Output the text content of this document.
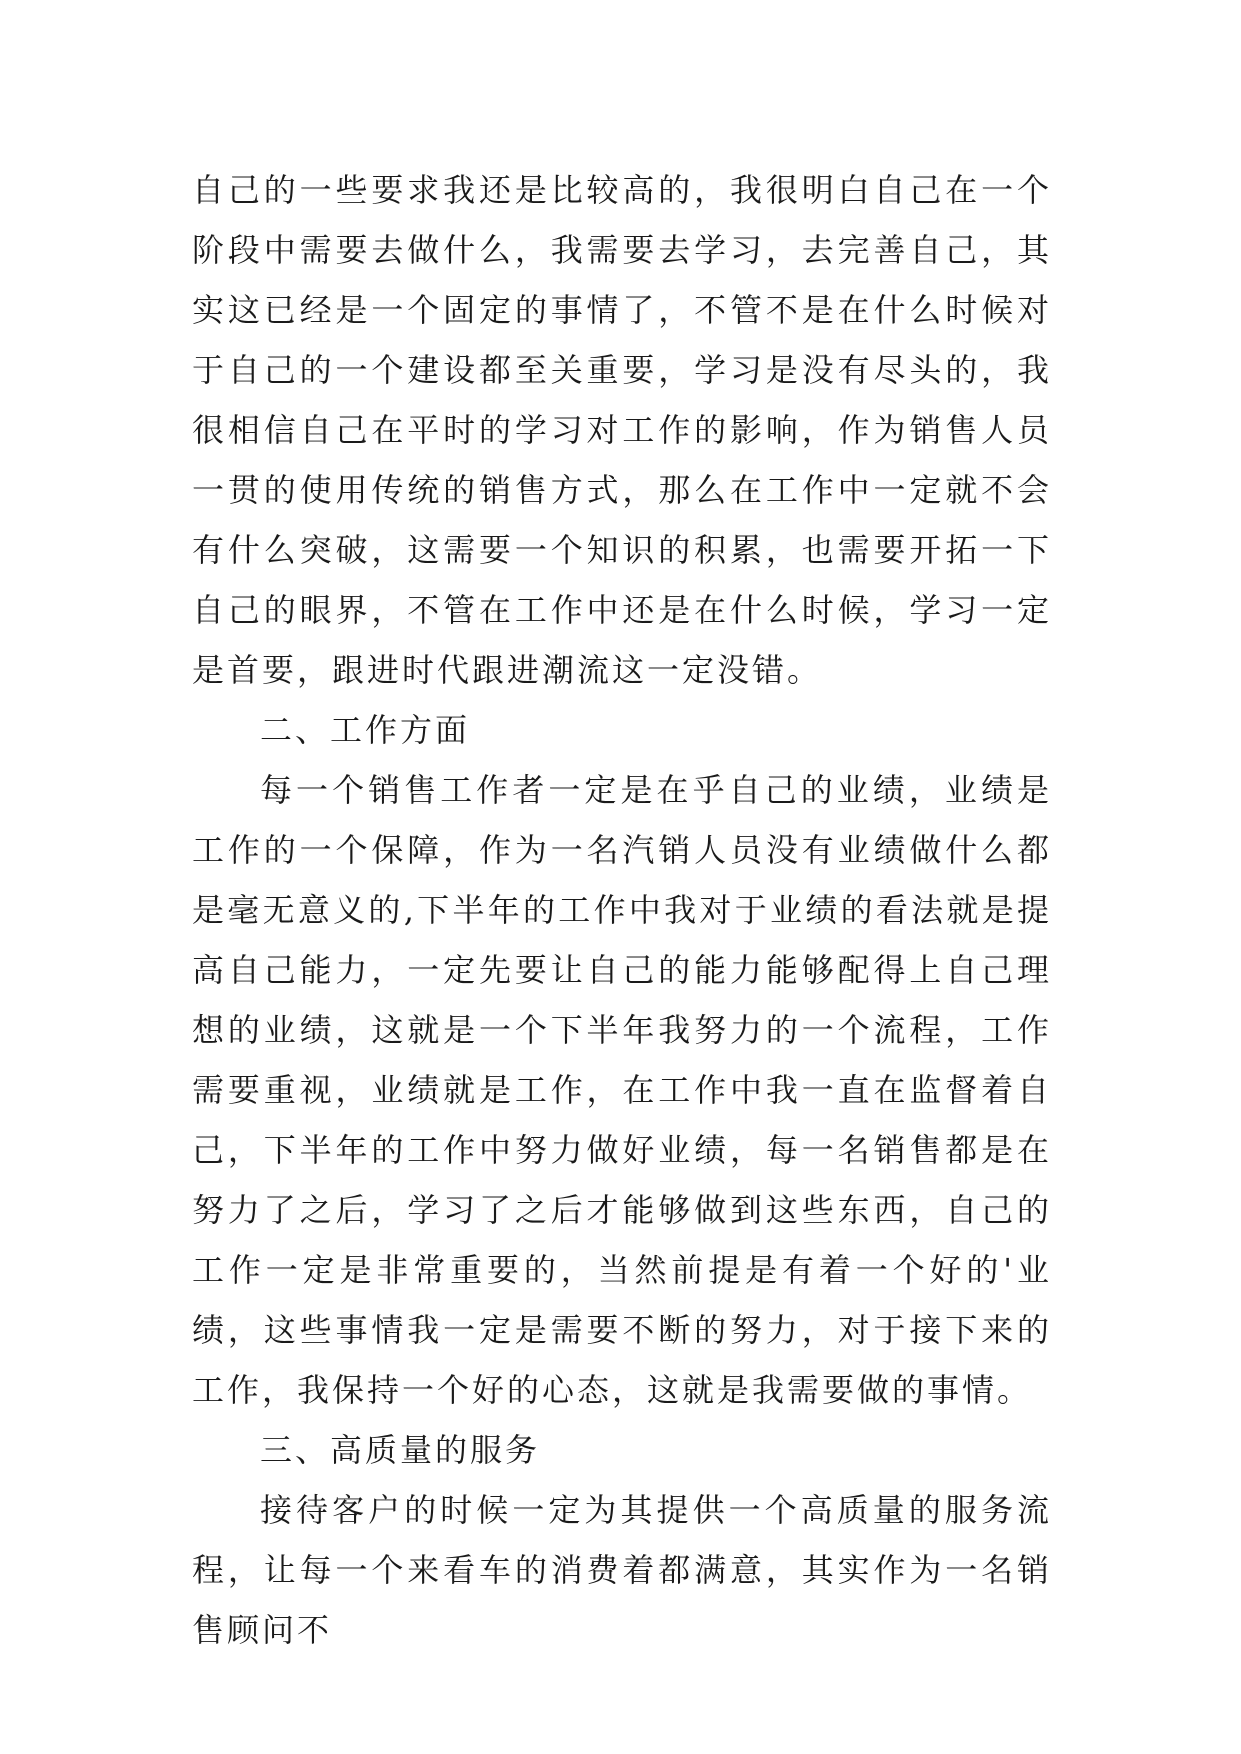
自己的一些要求我还是比较高的，我很明白自己在一个阶段中需要去做什么，我需要去学习，去完善自己，其实这已经是一个固定的事情了，不管不是在什么时候对于自己的一个建设都至关重要，学习是没有尽头的，我很相信自己在平时的学习对工作的影响，作为销售人员一贯的使用传统的销售方式，那么在工作中一定就不会有什么突破，这需要一个知识的积累，也需要开拓一下自己的眼界，不管在工作中还是在什么时候，学习一定是首要，跟进时代跟进潮流这一定没错。

二、工作方面

每一个销售工作者一定是在乎自己的业绩，业绩是工作的一个保障，作为一名汽销人员没有业绩做什么都是毫无意义的,下半年的工作中我对于业绩的看法就是提高自己能力，一定先要让自己的能力能够配得上自己理想的业绩，这就是一个下半年我努力的一个流程，工作需要重视，业绩就是工作，在工作中我一直在监督着自己，下半年的工作中努力做好业绩，每一名销售都是在努力了之后，学习了之后才能够做到这些东西，自己的工作一定是非常重要的，当然前提是有着一个好的'业绩，这些事情我一定是需要不断的努力，对于接下来的工作，我保持一个好的心态，这就是我需要做的事情。

三、高质量的服务

接待客户的时候一定为其提供一个高质量的服务流程，让每一个来看车的消费着都满意，其实作为一名销售顾问不
